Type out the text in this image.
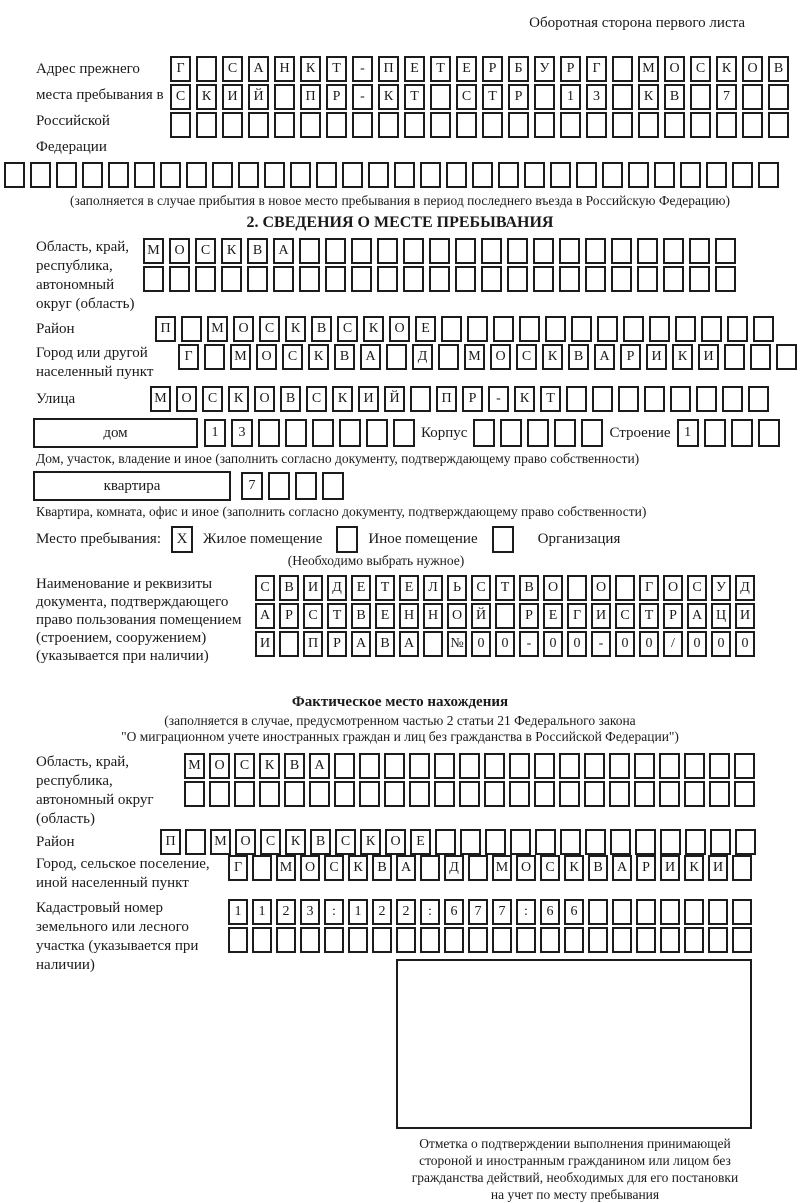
Оборотная сторона первого листа
Адрес прежнего места пребывания в Российской Федерации
Г	С	А	Н	К	Т	-	П	Е	Т	Е	Р	Б	У	Р	Г	М	О	С	К	О	В
С	К	И	Й	П	Р	-	К	Т	С	Т	Р	1	3	К	В	7
(заполняется в случае прибытия в новое место пребывания в период последнего въезда в Российскую Федерацию)
2. СВЕДЕНИЯ О МЕСТЕ ПРЕБЫВАНИЯ
Область, край, республика, автономный округ (область)
М	О	С	К	В	А
Район	П	М	О	С	К	В	С	К	О	Е
Город или другой населенный пункт
Г	М	О	С	К	В	А	Д	М	О	С	К	В	А	Р	И	К	И
Улица	М	О	С	К	О	В	С	К	И	Й	П	Р	-	К	Т
дом	1	3	Корпус	Строение 1
Дом, участок, владение и иное (заполнить согласно документу, подтверждающему право собственности)
квартира	7
Квартира, комната, офис и иное (заполнить согласно документу, подтверждающему право собственности)
Место пребывания:	X	Жилое помещение	Иное помещение	Организация
(Необходимо выбрать нужное)
Наименование и реквизиты документа, подтверждающего право пользования помещением (строением, сооружением) (указывается при наличии)
С	В	И	Д	Е	Т	Е	Л	Ь	С	Т	В	О	О	Г	О	С	У	Д
А	Р	С	Т	В	Е	Н Н О Й	Р	Е	Г	И	С	Т	Р	А Ц И
И	П	Р	А	В	А	№ 0	0	-	0	0	-	0	0	/	0	0	0
Фактическое место нахождения
(заполняется в случае, предусмотренном частью 2 статьи 21 Федерального закона
"О миграционном учете иностранных граждан и лиц без гражданства в Российской Федерации")
Область, край, республика, автономный округ (область)
М О	С	К	В	А
Район	П	М О	С	К	В	С	К	О	Е
Город, сельское поселение, иной населенный пункт
Г	М О	С	К	В	А	Д	М О	С	К	В	А	Р	И	К	И
Кадастровый номер земельного или лесного участка (указывается при наличии)
1	1	2	3	:	1	2	2	:	6	7	7	:	6	6
Отметка о подтверждении выполнения принимающей
стороной и иностранным гражданином или лицом без
гражданства действий, необходимых для его постановки
на учет по месту пребывания
